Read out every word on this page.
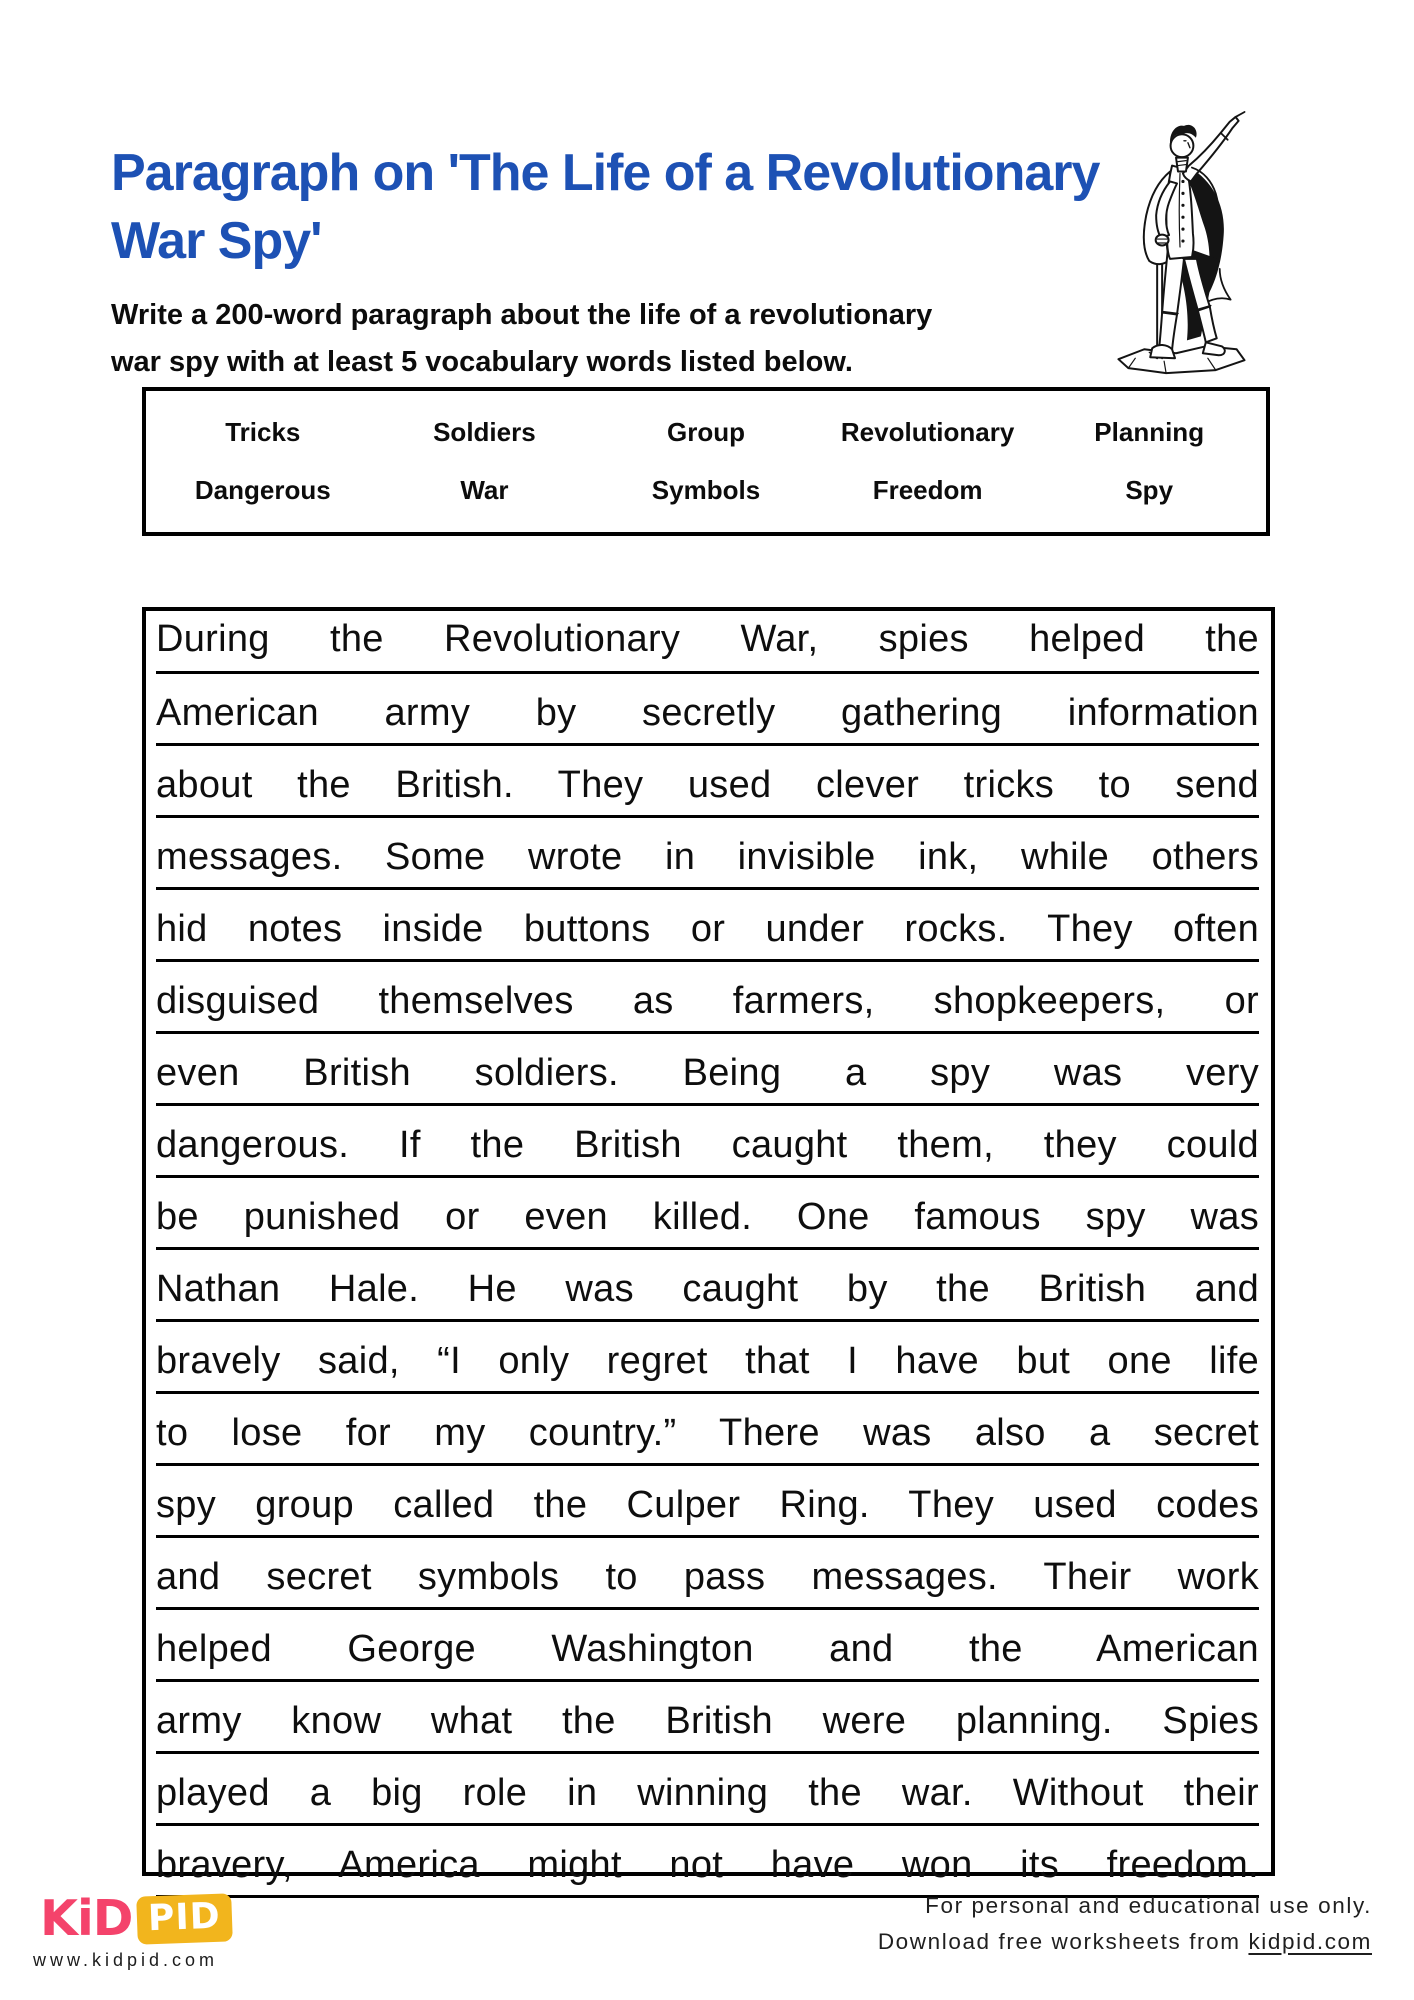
Paragraph on 'The Life of a Revolutionary
War Spy'

Write a 200-word paragraph about the life of a revolutionary
war spy with at least 5 vocabulary words listed below.

Tricks	Soldiers	Group	Revolutionary	Planning
Dangerous	War	Symbols	Freedom	Spy
During the Revolutionary War, spies helped the
American army by secretly gathering information
about the British. They used clever tricks to send
messages. Some wrote in invisible ink, while others
hid notes inside buttons or under rocks. They often
disguised themselves as farmers, shopkeepers, or
even British soldiers. Being a spy was very
dangerous. If the British caught them, they could
be punished or even killed. One famous spy was
Nathan Hale. He was caught by the British and
bravely said, “I only regret that I have but one life
to lose for my country.” There was also a secret
spy group called the Culper Ring. They used codes
and secret symbols to pass messages. Their work
helped George Washington and the American
army know what the British were planning. Spies
played a big role in winning the war. Without their
bravery, America might not have won its freedom.
KiD PID
www.kidpid.com
For personal and educational use only.
Download free worksheets from kidpid.com
